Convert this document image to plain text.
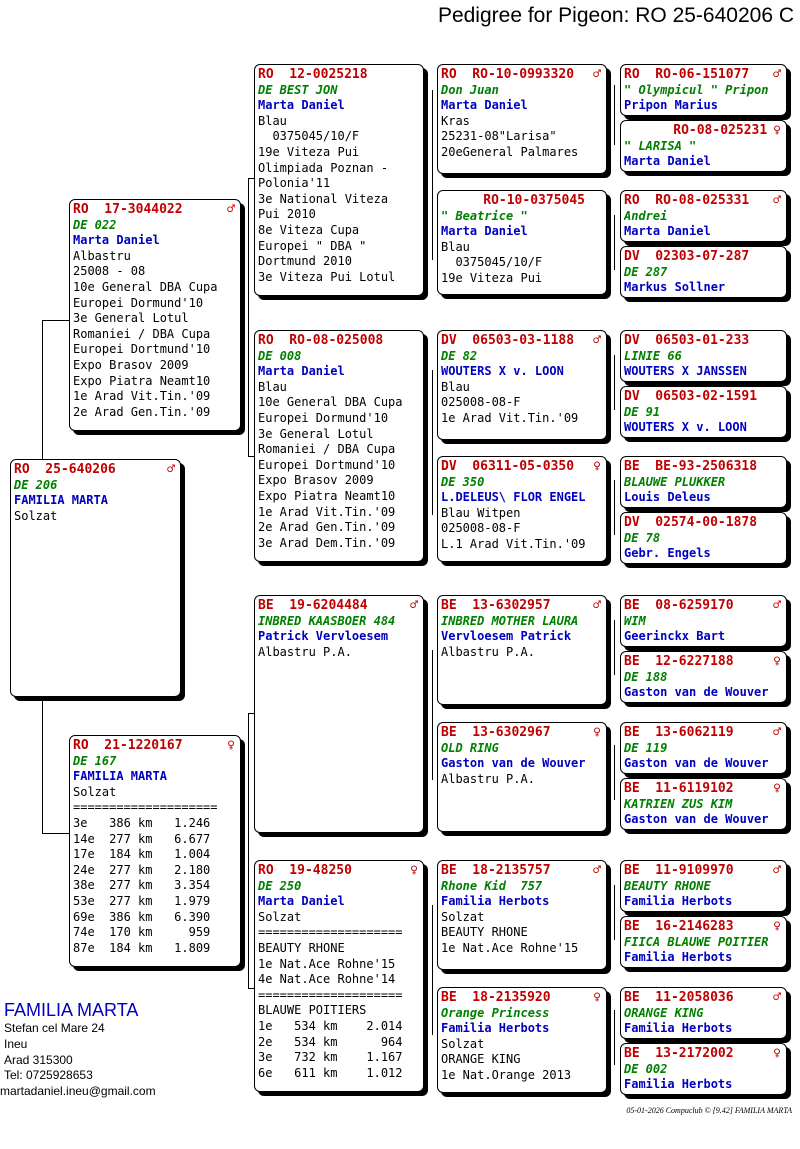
Pedigree for Pigeon: RO 25-640206 C
RO  25-640206	♂
DE 206
FAMILIA MARTA
Solzat
RO  17-3044022	♂
DE 022
Marta Daniel
Albastru
25008 - 08
10e General DBA Cupa
Europei Dormund'10
3e General Lotul
Romaniei / DBA Cupa
Europei Dortmund'10
Expo Brasov 2009
Expo Piatra Neamt10
1e Arad Vit.Tin.'09
2e Arad Gen.Tin.'09
RO  21-1220167	♀
DE 167
FAMILIA MARTA
Solzat
====================
3e   386 km   1.246
14e  277 km   6.677
17e  184 km   1.004
24e  277 km   2.180
38e  277 km   3.354
53e  277 km   1.979
69e  386 km   6.390
74e  170 km     959
87e  184 km   1.809
RO  12-0025218
DE BEST JON
Marta Daniel
Blau
0375045/10/F
19e Viteza Pui
Olimpiada Poznan -
Polonia'11
3e National Viteza
Pui 2010
8e Viteza Cupa
Europei " DBA "
Dortmund 2010
3e Viteza Pui Lotul
RO  RO-08-025008
DE 008
Marta Daniel
Blau
10e General DBA Cupa
Europei Dormund'10
3e General Lotul
Romaniei / DBA Cupa
Europei Dortmund'10
Expo Brasov 2009
Expo Piatra Neamt10
1e Arad Vit.Tin.'09
2e Arad Gen.Tin.'09
3e Arad Dem.Tin.'09
BE  19-6204484	♂
INBRED KAASBOER 484
Patrick Vervloesem
Albastru P.A.
RO  19-48250	♀
DE 250
Marta Daniel
Solzat
====================
BEAUTY RHONE
1e Nat.Ace Rohne'15
4e Nat.Ace Rohne'14
====================
BLAUWE POITIERS
1e   534 km    2.014
2e   534 km      964
3e   732 km    1.167
6e   611 km    1.012
RO  RO-10-0993320 ♂
Don Juan
Marta Daniel
Kras
25231-08"Larisa"
20eGeneral Palmares
RO-10-0375045
" Beatrice "
Marta Daniel
Blau
0375045/10/F
19e Viteza Pui
DV  06503-03-1188 ♂
DE 82
WOUTERS X v. LOON
Blau
025008-08-F
1e Arad Vit.Tin.'09
DV  06311-05-0350 ♀
DE 350
L.DELEUS\ FLOR ENGEL
Blau Witpen
025008-08-F
L.1 Arad Vit.Tin.'09
BE  13-6302957	♂
INBRED MOTHER LAURA
Vervloesem Patrick
Albastru P.A.
BE  13-6302967	♀
OLD RING
Gaston van de Wouver
Albastru P.A.
BE  18-2135757	♂
Rhone Kid  757
Familia Herbots
Solzat
BEAUTY RHONE
1e Nat.Ace Rohne'15
BE  18-2135920	♀
Orange Princess
Familia Herbots
Solzat
ORANGE KING
1e Nat.Orange 2013
RO  RO-06-151077 ♂
" Olympicul " Pripon
Pripon Marius
RO-08-025231 ♀
" LARISA "
Marta Daniel
RO  RO-08-025331 ♂
Andrei
Marta Daniel
DV  02303-07-287
DE 287
Markus Sollner
DV  06503-01-233
LINIE 66
WOUTERS X JANSSEN
DV  06503-02-1591
DE 91
WOUTERS X v. LOON
BE  BE-93-2506318
BLAUWE PLUKKER
Louis Deleus
DV  02574-00-1878
DE 78
Gebr. Engels
BE  08-6259170	♂
WIM
Geerinckx Bart
BE  12-6227188	♀
DE 188
Gaston van de Wouver
BE  13-6062119	♂
DE 119
Gaston van de Wouver
BE  11-6119102	♀
KATRIEN ZUS KIM
Gaston van de Wouver
BE  11-9109970	♂
BEAUTY RHONE
Familia Herbots
BE  16-2146283	♀
FIICA BLAUWE POITIER
Familia Herbots
BE  11-2058036	♂
ORANGE KING
Familia Herbots
BE  13-2172002	♀
DE 002
Familia Herbots
FAMILIA MARTA
Stefan cel Mare 24
Ineu
Arad 315300
Tel: 0725928653
martadaniel.ineu@gmail.com
05-01-2026 Compuclub © [9.42] FAMILIA MARTA
